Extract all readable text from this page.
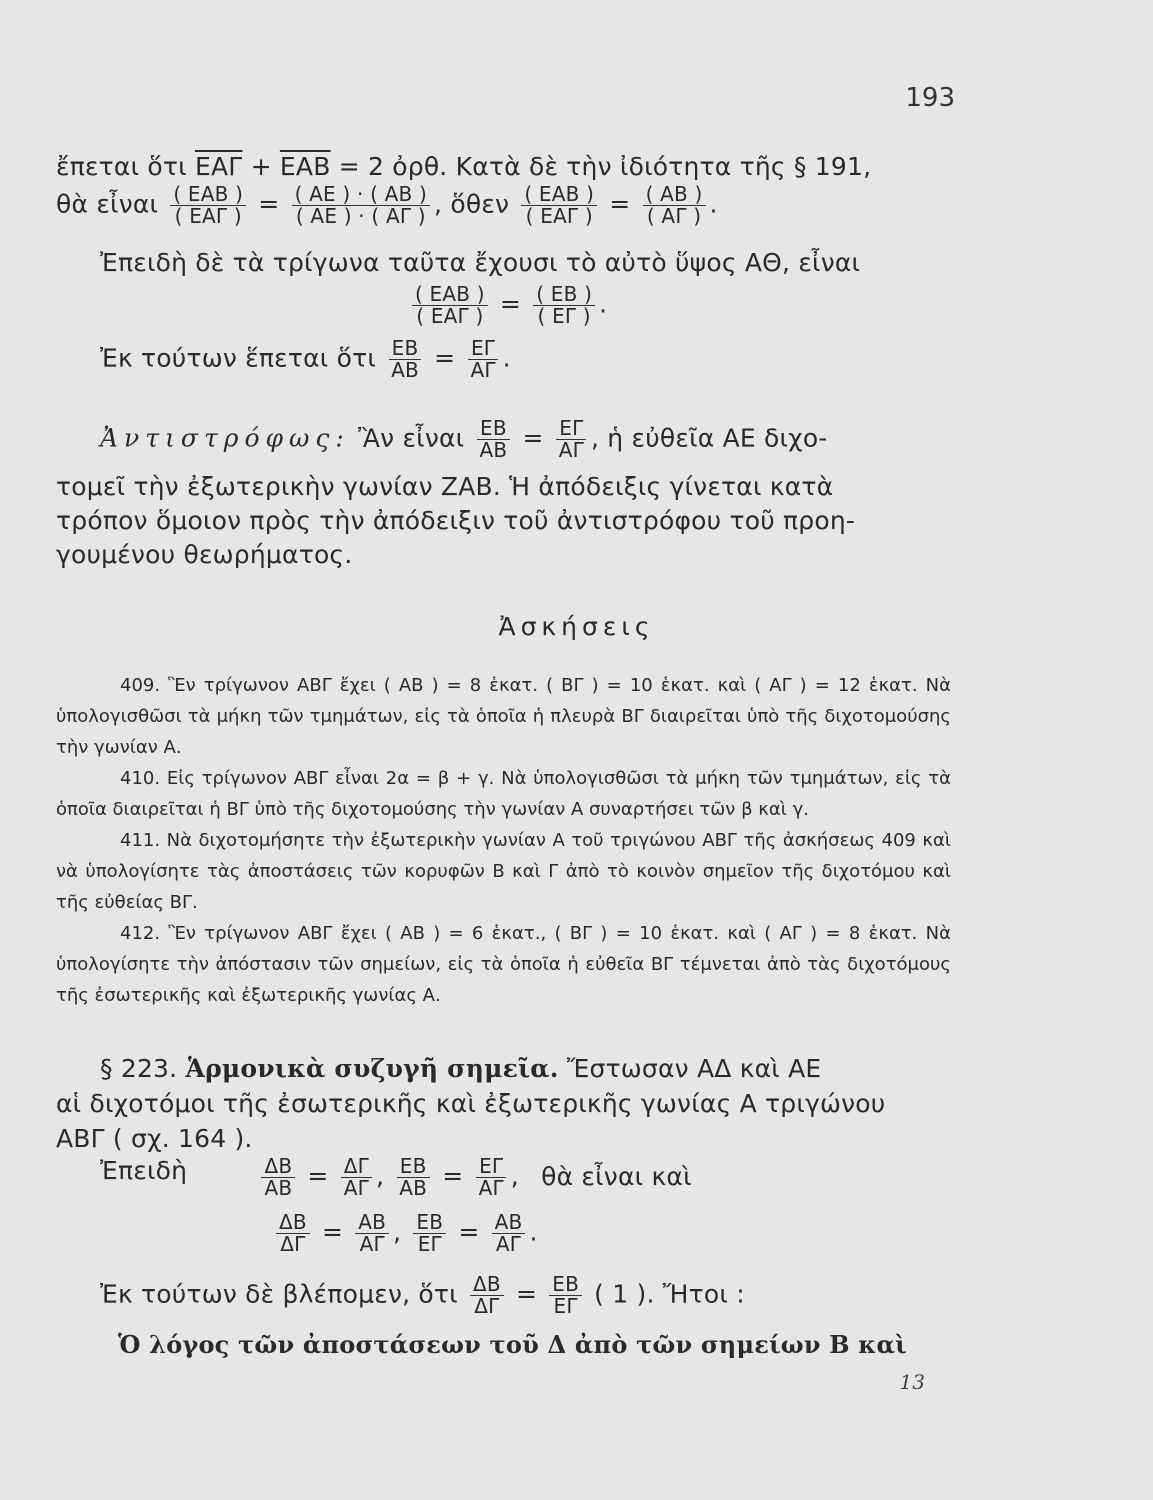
193
ἔπεται ὅτι $\overline{EA\Gamma} + \overline{EAB} = 2$ ὀρθ. Κατὰ δὲ τὴν ἰδιότητα τῆς § 191,
θὰ εἶναι $\frac{\text{( ΕΑΒ )}}{\text{( ΕΑΓ )}} = \frac{( AE ) \cdot ( AB )}{( AE ) \cdot ( A\Gamma )}$ , ὅθεν $\frac{\text{( ΕΑΒ )}}{\text{( ΕΑΓ )}} = \frac{( AB )}{( A\Gamma )}$ .
Ἐπειδὴ δὲ τὰ τρίγωνα ταῦτα ἔχουσι τὸ αὐτὸ ὕψος ΑΘ, εἶναι
$\frac{\text{( ΕΑΒ )}}{\text{( ΕΑΓ )}} = \frac{( EB )}{( E\Gamma )}$ .
Ἐκ τούτων ἕπεται ὅτι $\frac{EB}{AB} = \frac{E\Gamma}{A\Gamma}$ .
Ἀντιστρόφως: Ἂν εἶναι $\frac{EB}{AB} = \frac{E\Gamma}{A\Gamma}$ , ἡ εὐθεῖα ΑΕ διχο-
τομεῖ τὴν ἐξωτερικὴν γωνίαν ΖΑΒ. Ἡ ἀπόδειξις γίνεται κατὰ
τρόπον ὅμοιον πρὸς τὴν ἀπόδειξιν τοῦ ἀντιστρόφου τοῦ προη-
γουμένου θεωρήματος.
Ἀσκήσεις

409. Ἓν τρίγωνον ΑΒΓ ἔχει ( ΑΒ ) = 8 ἑκατ. ( ΒΓ ) = 10 ἑκατ. καὶ ( ΑΓ ) = 12 ἑκατ. Νὰ ὑπολογισθῶσι τὰ μήκη τῶν τμημάτων, εἰς τὰ ὁποῖα ἡ πλευρὰ ΒΓ διαιρεῖται ὑπὸ τῆς διχοτομούσης τὴν γωνίαν Α.

410. Εἰς τρίγωνον ΑΒΓ εἶναι 2α = β + γ. Νὰ ὑπολογισθῶσι τὰ μήκη τῶν τμημάτων, εἰς τὰ ὁποῖα διαιρεῖται ἡ ΒΓ ὑπὸ τῆς διχοτομούσης τὴν γωνίαν Α συναρτήσει τῶν β καὶ γ.

411. Νὰ διχοτομήσητε τὴν ἐξωτερικὴν γωνίαν Α τοῦ τριγώνου ΑΒΓ τῆς ἀσκήσεως 409 καὶ νὰ ὑπολογίσητε τὰς ἀποστάσεις τῶν κορυφῶν Β καὶ Γ ἀπὸ τὸ κοινὸν σημεῖον τῆς διχοτόμου καὶ τῆς εὐθείας ΒΓ.

412. Ἓν τρίγωνον ΑΒΓ ἔχει ( ΑΒ ) = 6 ἑκατ., ( ΒΓ ) = 10 ἑκατ. καὶ ( ΑΓ ) = 8 ἑκατ. Νὰ ὑπολογίσητε τὴν ἀπόστασιν τῶν σημείων, εἰς τὰ ὁποῖα ἡ εὐθεῖα ΒΓ τέμνεται ἀπὸ τὰς διχοτόμους τῆς ἐσωτερικῆς καὶ ἐξωτερικῆς γωνίας Α.

§ 223. Ἁρμονικὰ συζυγῆ σημεῖα. Ἔστωσαν ΑΔ καὶ ΑΕ
αἱ διχοτόμοι τῆς ἐσωτερικῆς καὶ ἐξωτερικῆς γωνίας Α τριγώνου
ΑΒΓ ( σχ. 164 ).
Ἐπειδὴ	$\frac{\Delta B}{AB} = \frac{\Delta\Gamma}{A\Gamma}$ , $\frac{EB}{AB} = \frac{E\Gamma}{A\Gamma}$ , θὰ εἶναι καὶ
$\frac{\Delta B}{\Delta\Gamma} = \frac{AB}{A\Gamma}$ , $\frac{EB}{E\Gamma} = \frac{AB}{A\Gamma}$ .
Ἐκ τούτων δὲ βλέπομεν, ὅτι $\frac{\Delta B}{\Delta\Gamma} = \frac{EB}{E\Gamma}$ ( 1 ). Ἤτοι :
Ὁ λόγος τῶν ἀποστάσεων τοῦ Δ ἀπὸ τῶν σημείων Β καὶ
13
